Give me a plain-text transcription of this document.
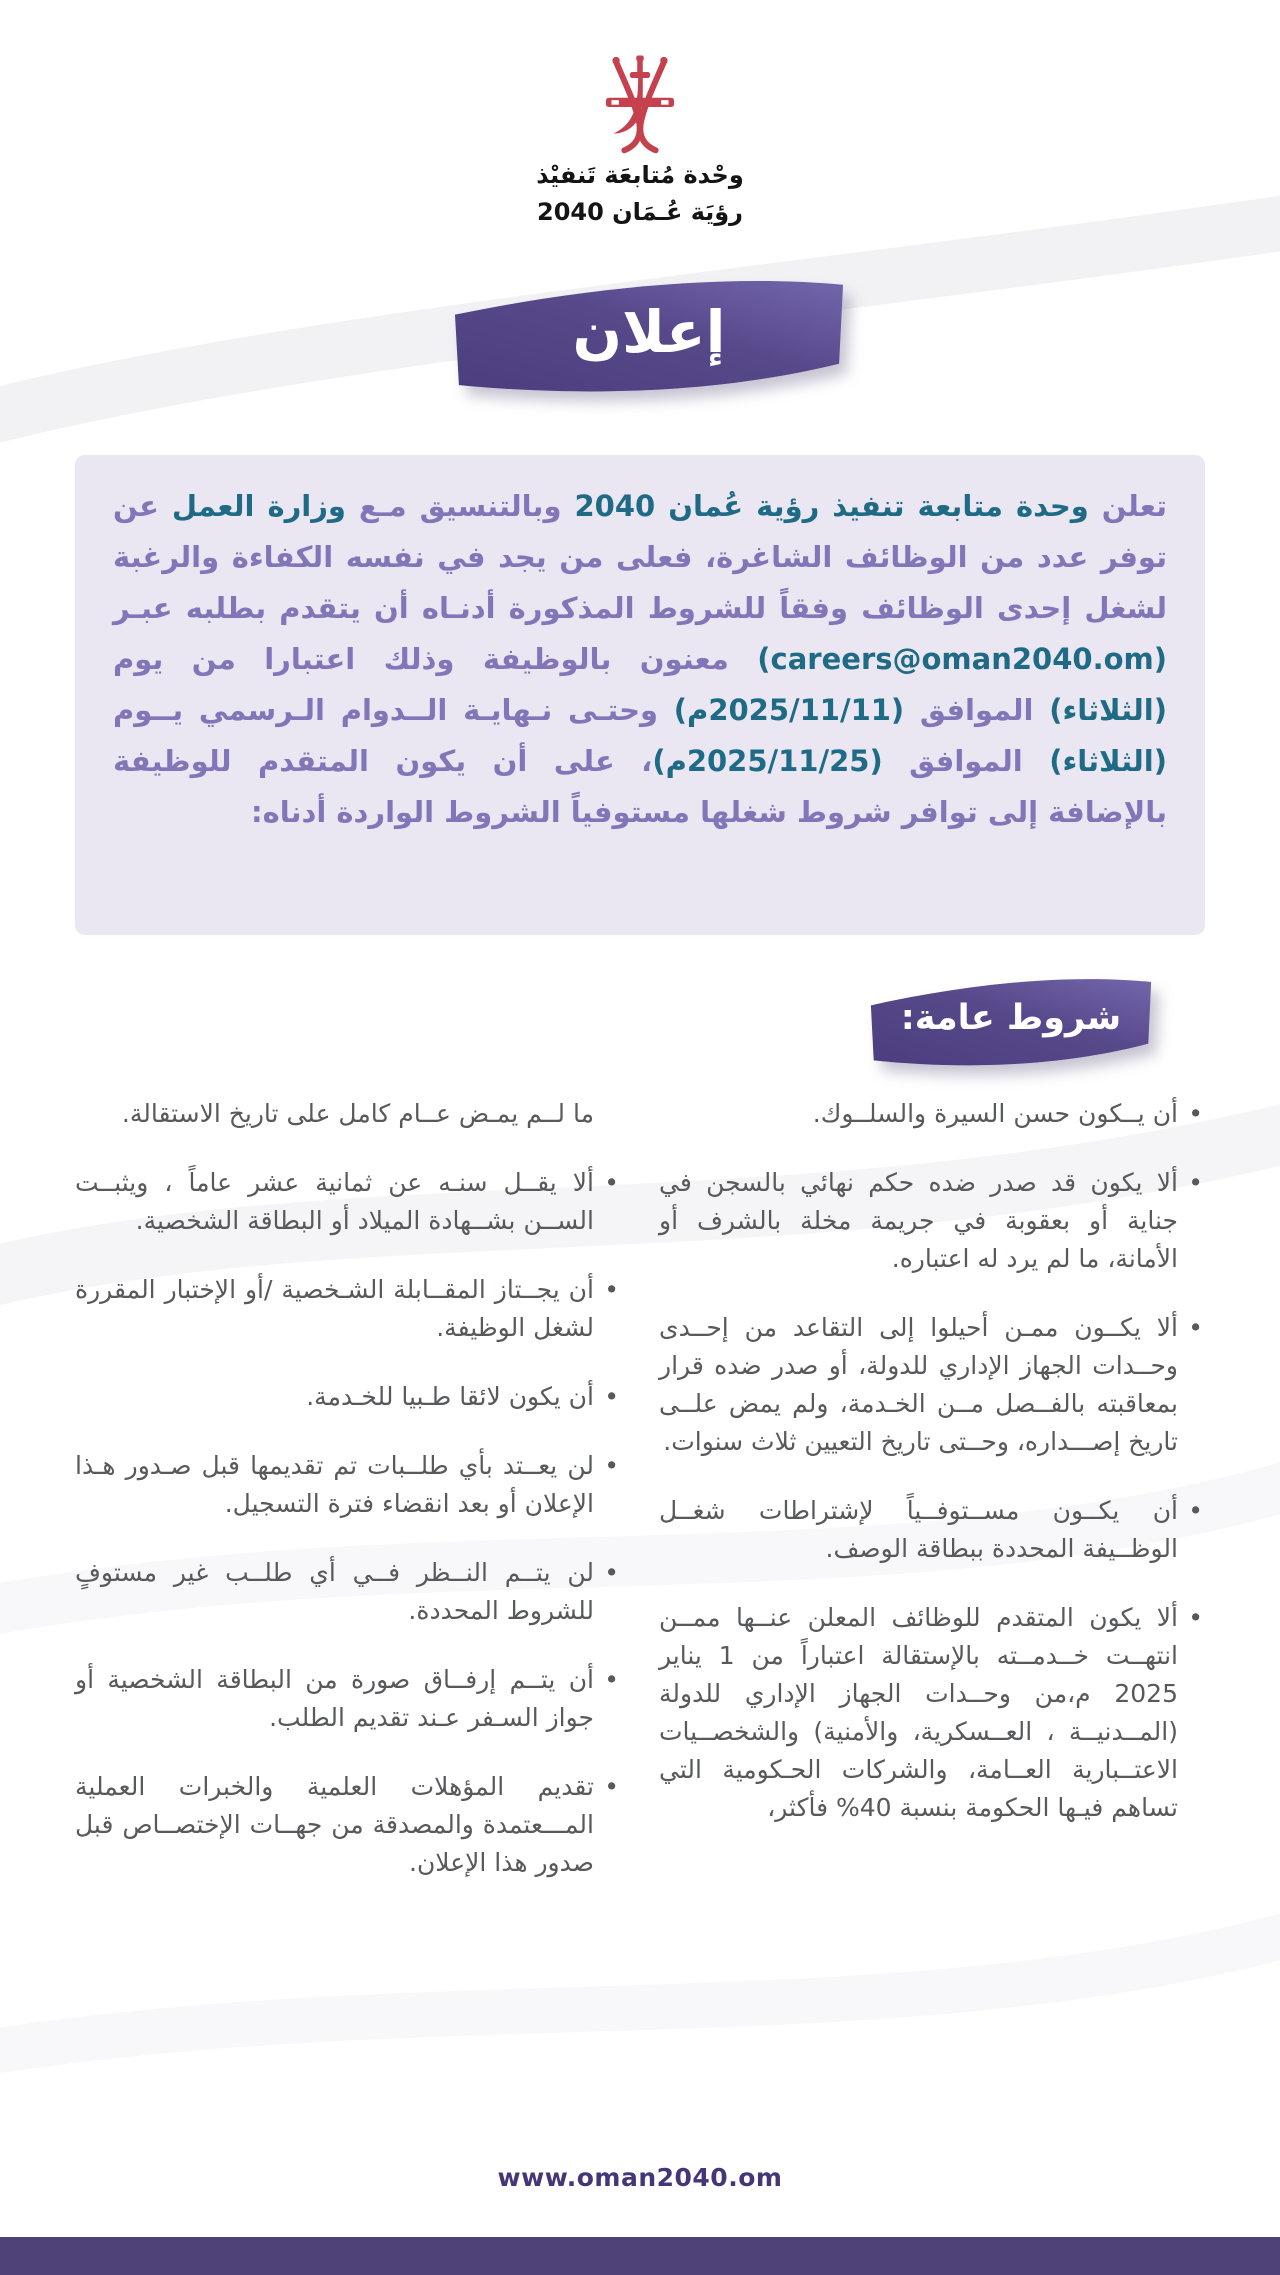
وحْدة مُتابعَة تَنفيْذ
رؤيَة عُـمَان 2040
إعلان
تعلن وحدة متابعة تنفيذ رؤية عُمان 2040 وبالتنسيق مـع وزارة العمل عن توفر عدد من الوظائف الشاغرة، فعلى من يجد في نفسه الكفاءة والرغبة لشغل إحدى الوظائف وفقاً للشروط المذكورة أدنـاه أن يتقدم بطلبه عبـر (careers@oman2040.om) معنون بالوظيفة وذلك اعتبارا من يوم (الثلاثاء) الموافق (2025/11/11م) وحتـى نـهايـة الــدوام الـرسمي يــوم (الثلاثاء) الموافق (2025/11/25م)، على أن يكون المتقدم للوظيفة بالإضافة إلى توافر شروط شغلها مستوفياً الشروط الواردة أدناه:
شروط عامة:
•
أن يــكون حسن السيرة والسلــوك.
•
ألا يكون قد صدر ضده حكم نهائي بالسجن في جناية أو بعقوبة في جريمة مخلة بالشرف أو الأمانة، ما لم يرد له اعتباره.
•
ألا يكــون ممـن أحيلوا إلى التقاعد من إحــدى وحــدات الجهاز الإداري للدولة، أو صدر ضده قرار بمعاقبته بالفــصل مــن الخـدمة، ولم يمض علــى تاريخ إصـــداره، وحــتى تاريخ التعيين ثلاث سنوات.
•
أن يكــون مســتوفــياً لإشتراطات شغــل الوظــيفة المحددة ببطاقة الوصف.
•
ألا يكون المتقدم للوظائف المعلن عنــها ممــن انتهــت خــدمــته بالإستقالة اعتباراً من 1 يناير 2025 م،من وحــدات الجهاز الإداري للدولة (المــدنيــة ، العــسكرية، والأمنية) والشخصــيات الاعتــبارية العــامة، والشركات الحـكومية التي تساهم فيـها الحكومة بنسبة 40% فأكثر،
ما لــم يمـض عــام كامل على تاريخ الاستقالة.
•
ألا يقــل سنـه عن ثمانية عشر عاماً ، ويثبــت الســن بشــهادة الميلاد أو البطاقة الشخصية.
•
أن يجــتاز المقــابلة الشـخصية /أو الإختبار المقررة لشغل الوظيفة.
•
أن يكون لائقا طـبيا للخـدمة.
•
لن يعــتد بأي طلــبات تم تقديمها قبل صـدور هـذا الإعلان أو بعد انقضاء فترة التسجيل.
•
لن يتــم النــظر فــي أي طلــب غير مستوفٍ للشروط المحددة.
•
أن يتــم إرفــاق صورة من البطاقة الشخصية أو جواز السـفر عـند تقديم الطلب.
•
تقديم المؤهلات العلمية والخبرات العملية المـــعتمدة والمصدقة من جهــات الإختصــاص قبل صدور هذا الإعلان.
www.oman2040.om
